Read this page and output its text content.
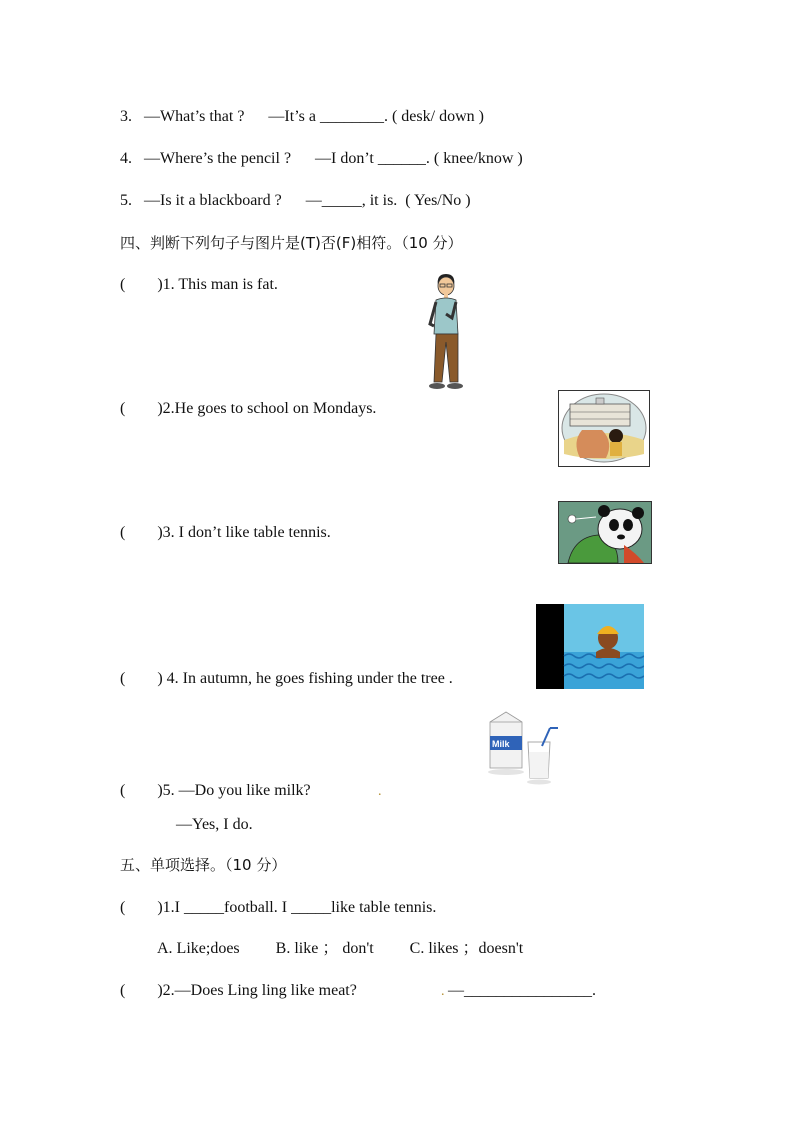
3.   —What’s that ?      —It’s a ________. ( desk/ down )
4.   —Where’s the pencil ?      —I don’t ______. ( knee/know )
5.   —Is it a blackboard ?      —_____, it is.  ( Yes/No )
四、判断下列句子与图片是(T)否(F)相符。（10 分）
(        )1. This man is fat.
(        )2.He goes to school on Mondays.
(        )3. I don’t like table tennis.
(        ) 4. In autumn, he goes fishing under the tree .
(        )5. —Do you like milk?	.
—Yes, I do.
五、单项选择。（10 分）
(        )1.I _____football. I _____like table tennis.
A. Like;does         B. like ； don't         C. likes ；doesn't
(        )2.—Does Ling ling like meat?	. —________________.
Milk
